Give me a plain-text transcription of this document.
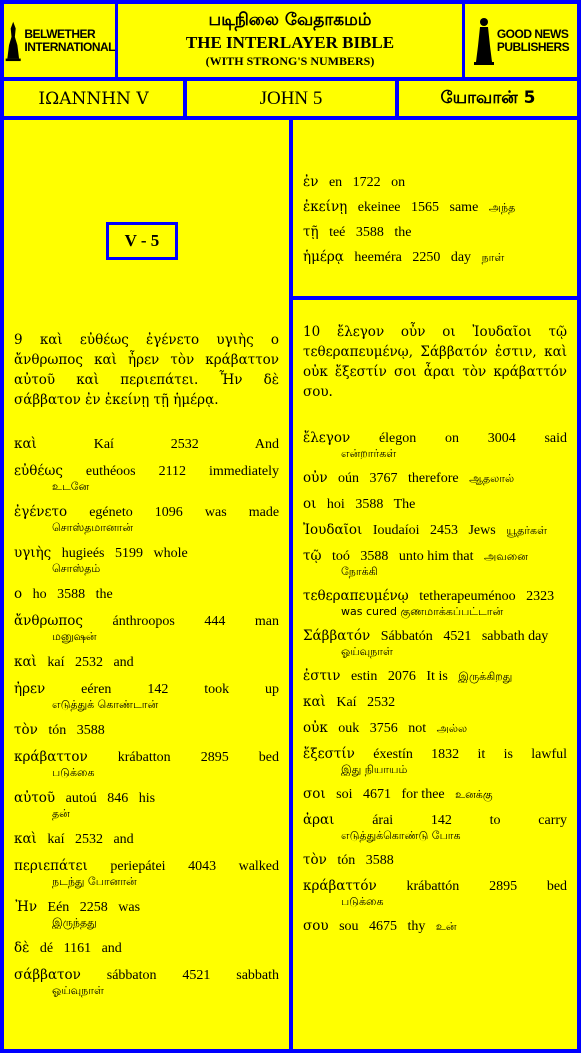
BELWETHER
INTERNATIONAL
படிநிலை வேதாகமம்
THE INTERLAYER BIBLE
(WITH STRONG'S NUMBERS)
GOOD NEWS
PUBLISHERS
ΙΩΑΝΝΗΝ V	JOHN 5	யோவான் 5
V - 5
9 καὶ εὐθέως ἐγένετο υγιὴς ο ἄνθρωπος καὶ ἦρεν τὸν κράβαττον αὐτοῦ καὶ περιεπάτει. Ἦν δὲ σάββατον ἐν ἐκείνῃ τῇ ἡμέρᾳ.
καὶ	Kaí	2532	And
εὐθέως euthéoos 2112 immediately
உடனே
ἐγένετο egéneto 1096 was made
சொஸ்தமானான்
υγιὴς hugieés 5199 whole
சொஸ்தம்
ο ho 3588 the
ἄνθρωπος ánthroopos 444 man
மனுஷன்
καὶ kaí 2532 and
ἦρεν	eéren	142	took up
எடுத்துக் கொண்டான்
τὸν tón 3588
κράβαττον krábatton 2895 bed
படுக்கை
αὐτοῦ autoú 846 his
தன்
καὶ kaí 2532 and
περιεπάτει periepátei 4043 walked
நடந்து போனான்
Ἦν Eén 2258 was
இருந்தது
δὲ dé 1161 and
σάββατον sábbaton 4521 sabbath
ஓய்வுநாள்
ἐν en 1722 on
ἐκείνῃ ekeinee 1565 same அந்த
τῇ teé 3588 the
ἡμέρᾳ heeméra 2250 day நாள்
10 ἔλεγον οὖν οι Ἰουδαῖοι τῷ τεθεραπευμένῳ, Σάββατόν ἐστιν, καὶ οὐκ ἔξεστίν σοι ἆραι τὸν κράβαττόν σου.
ἔλεγον élegon on 3004 said
என்றார்கள்
οὖν oún 3767 therefore ஆதலால்
οι hoi 3588 The
Ἰουδαῖοι Ioudaíoi 2453 Jews யூதர்கள்
τῷ toó 3588 unto him that அவனை
நோக்கி
τεθεραπευμένῳ tetherapeuménoo 2323
was cured குணமாக்கப்பட்டான்
Σάββατόν Sábbatón 4521 sabbath day
ஓய்வுநாள்
ἐστιν estin 2076 It is இருக்கிறது
καὶ Kaí 2532
οὐκ ouk 3756 not அல்ல
ἔξεστίν éxestín 1832 it is lawful
இது நியாயம்
σοι soi 4671 for thee உனக்கு
ἆραι	árai	142	to carry
எடுத்துக்கொண்டு போக
τὸν tón 3588
κράβαττόν krábattón 2895 bed
படுக்கை
σου sou 4675 thy உன்
